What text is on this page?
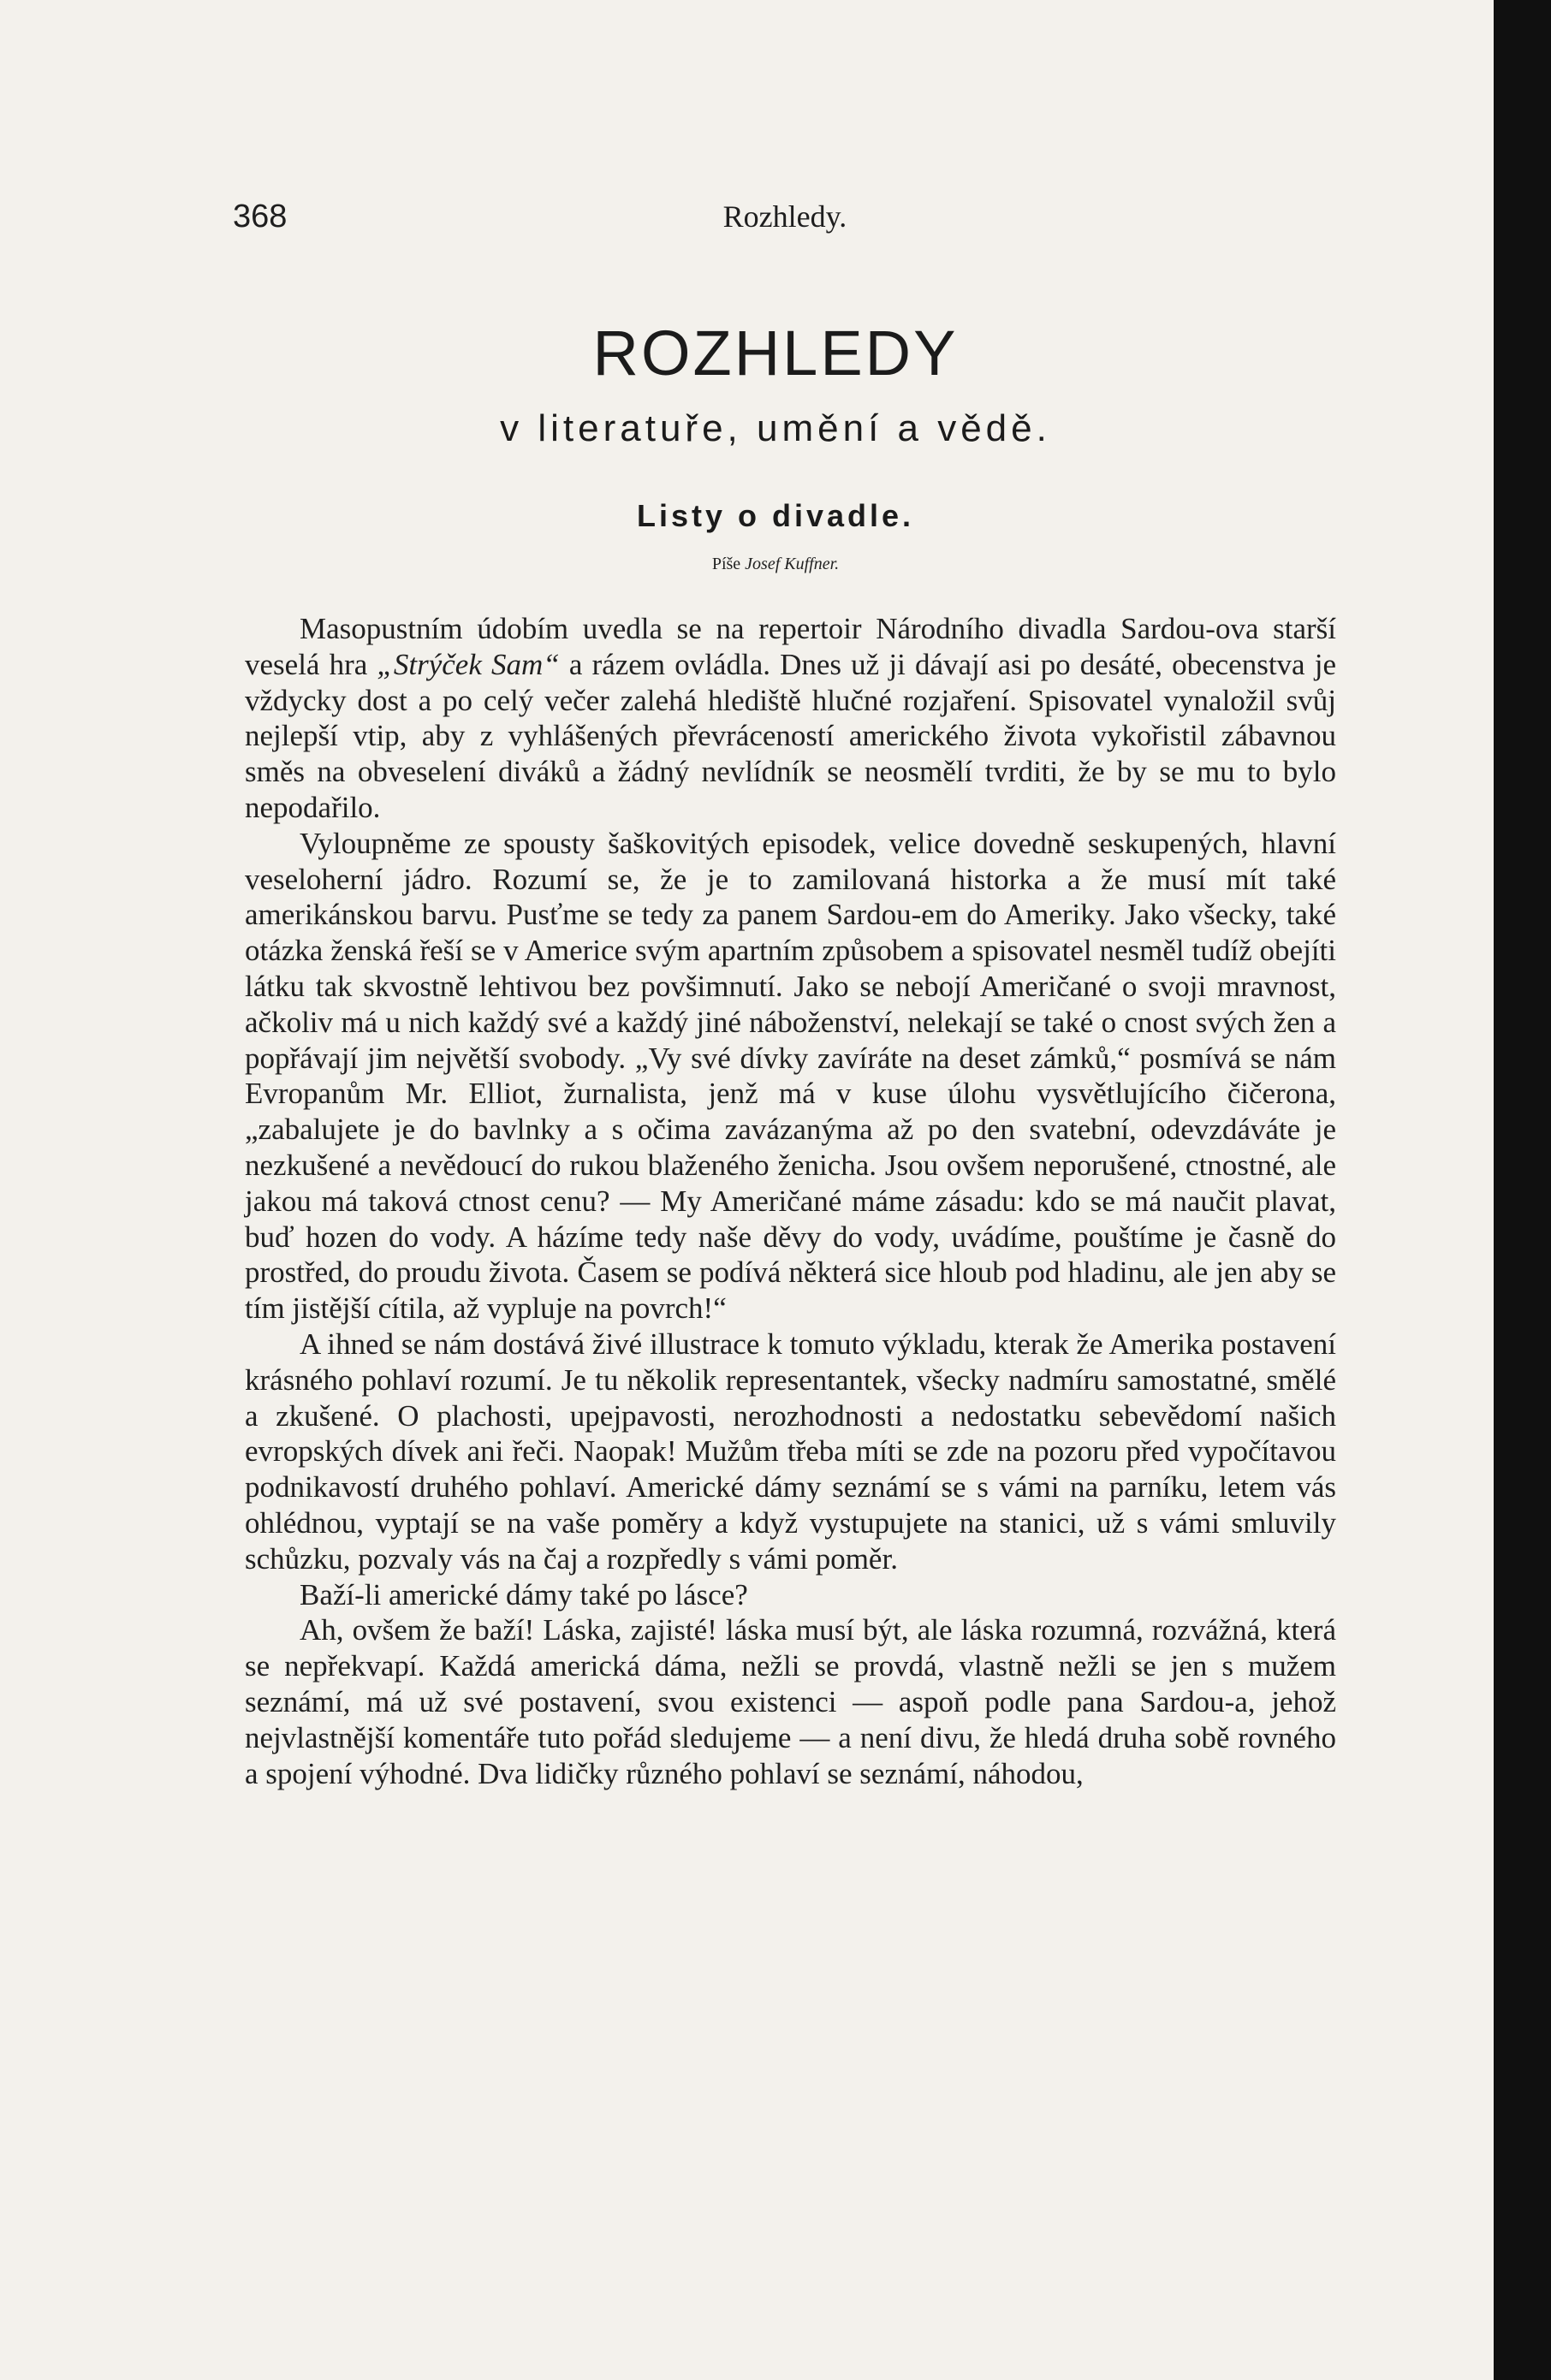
368	Rozhledy.
ROZHLEDY
v literatuře, umění a vědě.
Listy o divadle.
Píše Josef Kuffner.

Masopustním údobím uvedla se na repertoir Národního divadla Sardou-ova starší veselá hra „Strýček Sam“ a rázem ovládla. Dnes už ji dávají asi po desáté, obecenstva je vždycky dost a po celý večer zalehá hlediště hlučné rozjaření. Spisovatel vynaložil svůj nejlepší vtip, aby z vyhlášených převráceností amerického života vykořistil zábavnou směs na obveselení diváků a žádný nevlídník se neosmělí tvrditi, že by se mu to bylo nepodařilo.

Vyloupněme ze spousty šaškovitých episodek, velice dovedně seskupených, hlavní veseloherní jádro. Rozumí se, že je to zamilovaná historka a že musí mít také amerikánskou barvu. Pusťme se tedy za panem Sardou-em do Ameriky. Jako všecky, také otázka ženská řeší se v Americe svým apartním způsobem a spisovatel nesměl tudíž obejíti látku tak skvostně lehtivou bez povšimnutí. Jako se nebojí Američané o svoji mravnost, ačkoliv má u nich každý své a každý jiné náboženství, nelekají se také o cnost svých žen a popřávají jim největší svobody. „Vy své dívky zavíráte na deset zámků,“ posmívá se nám Evropanům Mr. Elliot, žurnalista, jenž má v kuse úlohu vysvětlujícího čičerona, „zabalujete je do bavlnky a s očima zavázanýma až po den svatební, odevzdáváte je nezkušené a nevědoucí do rukou blaženého ženicha. Jsou ovšem neporušené, ctnostné, ale jakou má taková ctnost cenu? — My Američané máme zásadu: kdo se má naučit plavat, buď hozen do vody. A házíme tedy naše děvy do vody, uvádíme, pouštíme je časně do prostřed, do proudu života. Časem se podívá některá sice hloub pod hladinu, ale jen aby se tím jistější cítila, až vypluje na povrch!“

A ihned se nám dostává živé illustrace k tomuto výkladu, kterak že Amerika postavení krásného pohlaví rozumí. Je tu několik representantek, všecky nadmíru samostatné, smělé a zkušené. O plachosti, upejpavosti, nerozhodnosti a nedostatku sebevědomí našich evropských dívek ani řeči. Naopak! Mužům třeba míti se zde na pozoru před vypočítavou podnikavostí druhého pohlaví. Americké dámy seznámí se s vámi na parníku, letem vás ohlédnou, vyptají se na vaše poměry a když vystupujete na stanici, už s vámi smluvily schůzku, pozvaly vás na čaj a rozpředly s vámi poměr.

Baží-li americké dámy také po lásce?

Ah, ovšem že baží! Láska, zajisté! láska musí být, ale láska rozumná, rozvážná, která se nepřekvapí. Každá americká dáma, nežli se provdá, vlastně nežli se jen s mužem seznámí, má už své postavení, svou existenci — aspoň podle pana Sardou-a, jehož nejvlastnější komentáře tuto pořád sledujeme — a není divu, že hledá druha sobě rovného a spojení výhodné. Dva lidičky různého pohlaví se seznámí, náhodou,
